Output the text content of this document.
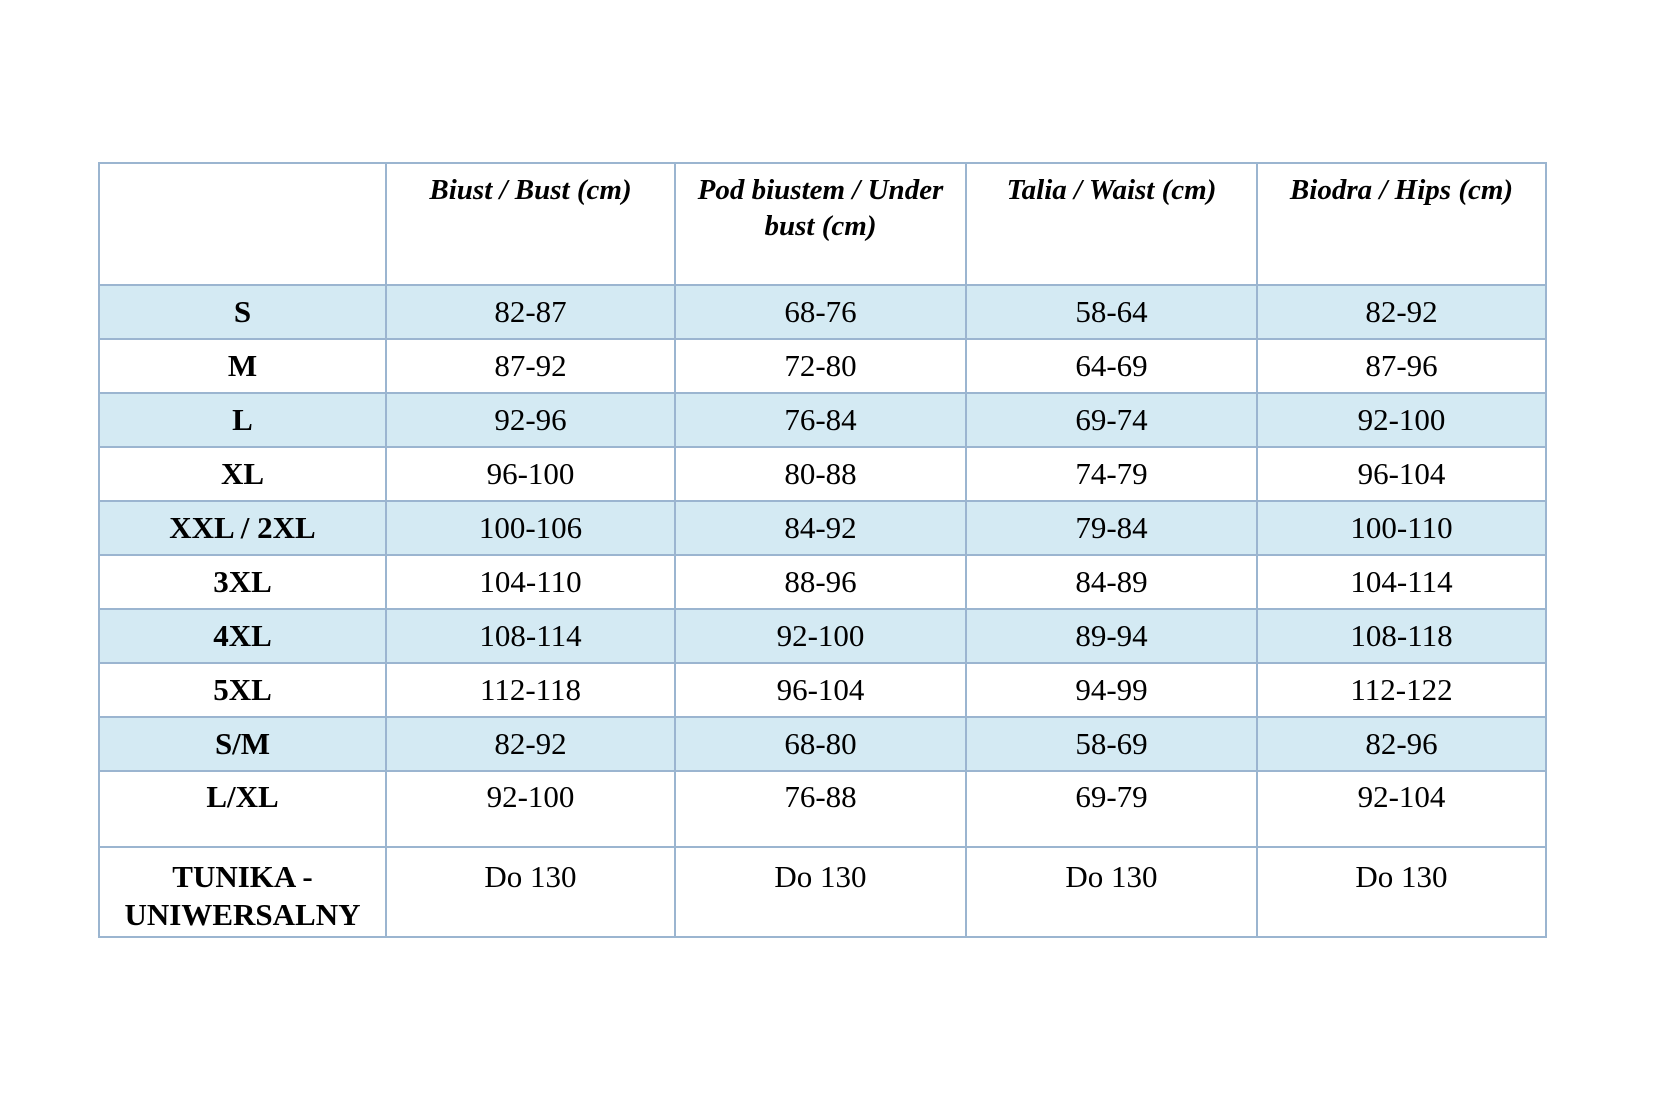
	Biust / Bust (cm)	Pod biustem / Under bust (cm)	Talia / Waist (cm)	Biodra / Hips (cm)
S	82-87	68-76	58-64	82-92
M	87-92	72-80	64-69	87-96
L	92-96	76-84	69-74	92-100
XL	96-100	80-88	74-79	96-104
XXL / 2XL	100-106	84-92	79-84	100-110
3XL	104-110	88-96	84-89	104-114
4XL	108-114	92-100	89-94	108-118
5XL	112-118	96-104	94-99	112-122
S/M	82-92	68-80	58-69	82-96
L/XL	92-100	76-88	69-79	92-104
TUNIKA - UNIWERSALNY	Do 130	Do 130	Do 130	Do 130
